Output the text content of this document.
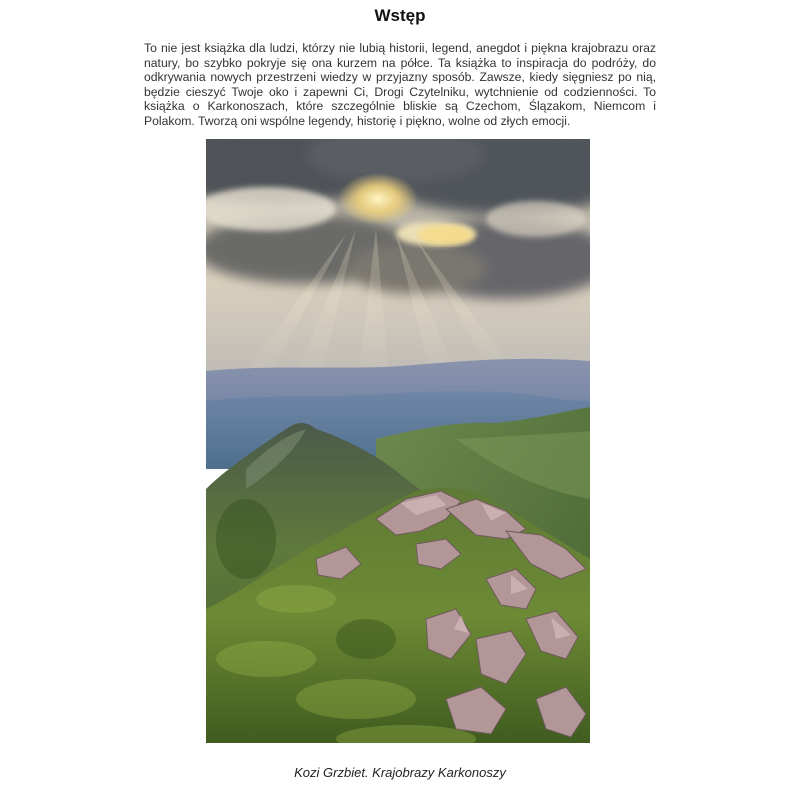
Wstęp
To nie jest książka dla ludzi, którzy nie lubią historii, legend, anegdot i piękna krajobrazu oraz natury, bo szybko pokryje się ona kurzem na półce. Ta książka to inspiracja do podróży, do odkrywania nowych przestrzeni wiedzy w przyjazny sposób. Zawsze, kiedy sięgniesz po nią, będzie cieszyć Twoje oko i zapewni Ci, Drogi Czytelniku, wytchnienie od codzienności. To książka o Karkonoszach, które szczególnie bliskie są Czechom, Ślązakom, Niemcom i Polakom. Tworzą oni wspólne legendy, historię i piękno, wolne od złych emocji.
Kozi Grzbiet. Krajobrazy Karkonoszy
